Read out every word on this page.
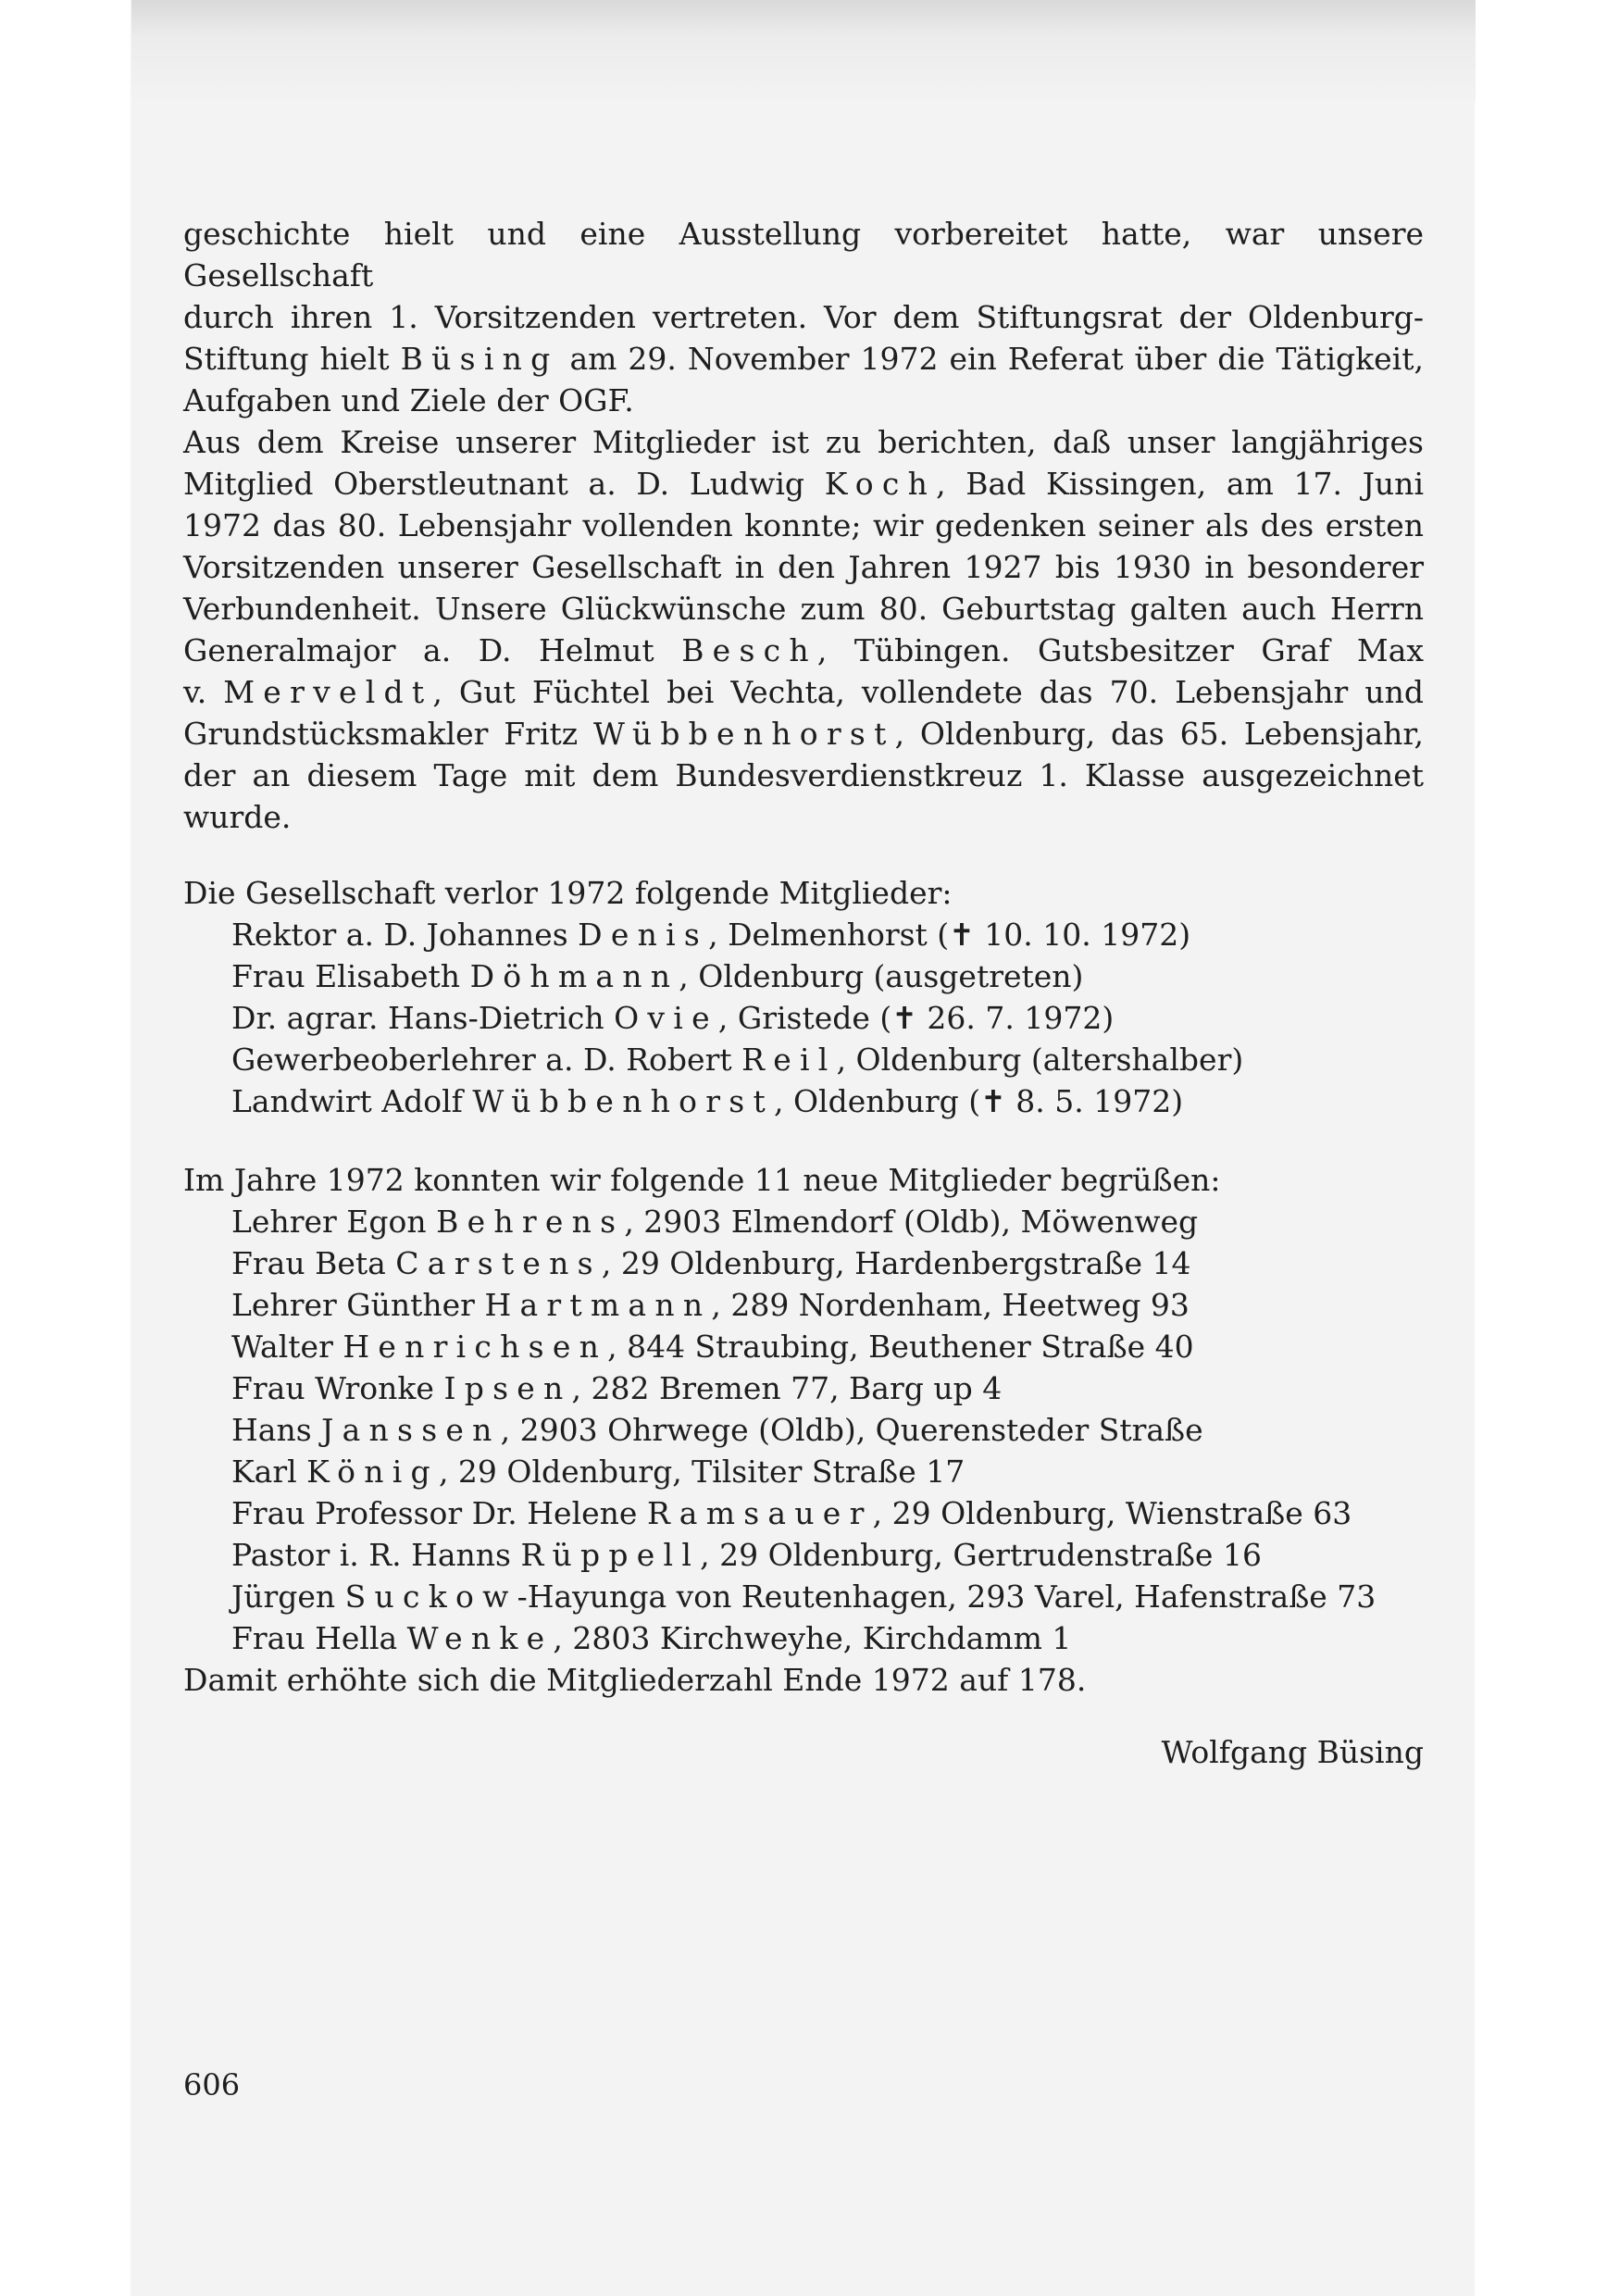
geschichte hielt und eine Ausstellung vorbereitet hatte, war unsere Gesellschaft

durch ihren 1. Vorsitzenden vertreten. Vor dem Stiftungsrat der Oldenburg-

Stiftung hielt Büsing am 29. November 1972 ein Referat über die Tätigkeit,

Aufgaben und Ziele der OGF.

Aus dem Kreise unserer Mitglieder ist zu berichten, daß unser langjähriges

Mitglied Oberstleutnant a. D. Ludwig Koch, Bad Kissingen, am 17. Juni

1972 das 80. Lebensjahr vollenden konnte; wir gedenken seiner als des ersten

Vorsitzenden unserer Gesellschaft in den Jahren 1927 bis 1930 in besonderer

Verbundenheit. Unsere Glückwünsche zum 80. Geburtstag galten auch Herrn

Generalmajor a. D. Helmut Besch, Tübingen. Gutsbesitzer Graf Max

v. Merveldt, Gut Füchtel bei Vechta, vollendete das 70. Lebensjahr und

Grundstücksmakler Fritz Wübbenhorst, Oldenburg, das 65. Lebensjahr,

der an diesem Tage mit dem Bundesverdienstkreuz 1. Klasse ausgezeichnet

wurde.

Die Gesellschaft verlor 1972 folgende Mitglieder:

Rektor a. D. Johannes Denis, Delmenhorst (✝ 10. 10. 1972)
Frau Elisabeth Döhmann, Oldenburg (ausgetreten)
Dr. agrar. Hans-Dietrich Ovie, Gristede (✝ 26. 7. 1972)
Gewerbeoberlehrer a. D. Robert Reil, Oldenburg (altershalber)
Landwirt Adolf Wübbenhorst, Oldenburg (✝ 8. 5. 1972)

Im Jahre 1972 konnten wir folgende 11 neue Mitglieder begrüßen:

Lehrer Egon Behrens, 2903 Elmendorf (Oldb), Möwenweg
Frau Beta Carstens, 29 Oldenburg, Hardenbergstraße 14
Lehrer Günther Hartmann, 289 Nordenham, Heetweg 93
Walter Henrichsen, 844 Straubing, Beuthener Straße 40
Frau Wronke Ipsen, 282 Bremen 77, Barg up 4
Hans Janssen, 2903 Ohrwege (Oldb), Querensteder Straße
Karl König, 29 Oldenburg, Tilsiter Straße 17
Frau Professor Dr. Helene Ramsauer, 29 Oldenburg, Wienstraße 63
Pastor i. R. Hanns Rüppell, 29 Oldenburg, Gertrudenstraße 16
Jürgen Suckow-Hayunga von Reutenhagen, 293 Varel, Hafenstraße 73
Frau Hella Wenke, 2803 Kirchweyhe, Kirchdamm 1

Damit erhöhte sich die Mitgliederzahl Ende 1972 auf 178.

Wolfgang Büsing
606
